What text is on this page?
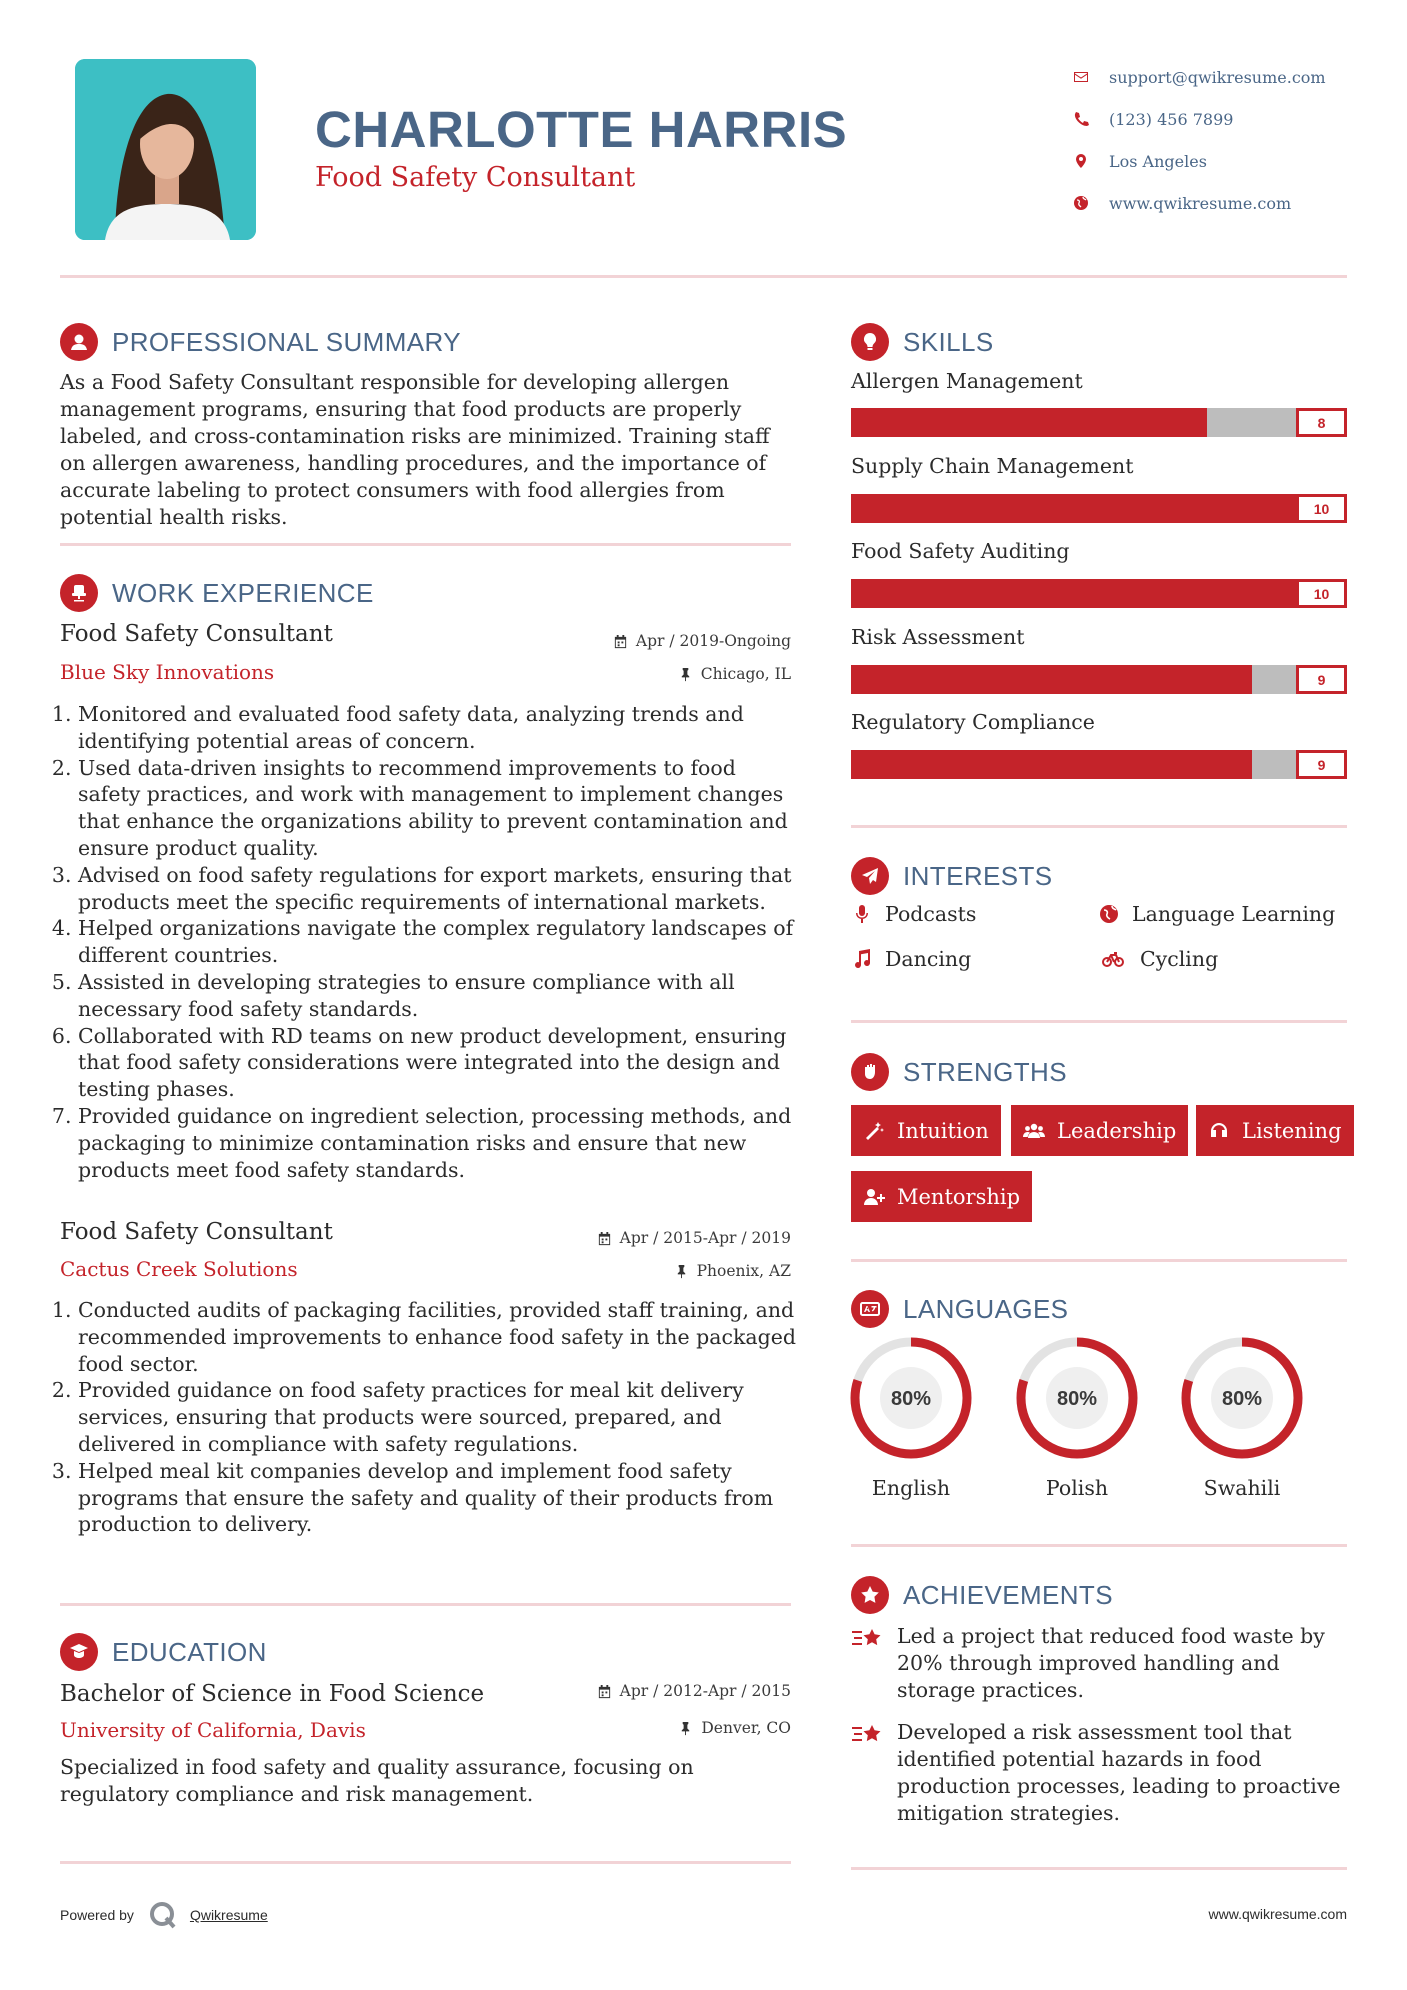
CHARLOTTE HARRIS
Food Safety Consultant
support@qwikresume.com
(123) 456 7899
Los Angeles
www.qwikresume.com
PROFESSIONAL SUMMARY
As a Food Safety Consultant responsible for developing allergen management programs, ensuring that food products are properly labeled, and cross-contamination risks are minimized. Training staff on allergen awareness, handling procedures, and the importance of accurate labeling to protect consumers with food allergies from potential health risks.
WORK EXPERIENCE
Food Safety Consultant	Apr / 2019-Ongoing
Blue Sky Innovations	Chicago, IL
1. Monitored and evaluated food safety data, analyzing trends and identifying potential areas of concern.
2. Used data-driven insights to recommend improvements to food safety practices, and work with management to implement changes that enhance the organizations ability to prevent contamination and ensure product quality.
3. Advised on food safety regulations for export markets, ensuring that products meet the specific requirements of international markets.
4. Helped organizations navigate the complex regulatory landscapes of different countries.
5. Assisted in developing strategies to ensure compliance with all necessary food safety standards.
6. Collaborated with RD teams on new product development, ensuring that food safety considerations were integrated into the design and testing phases.
7. Provided guidance on ingredient selection, processing methods, and packaging to minimize contamination risks and ensure that new products meet food safety standards.
Food Safety Consultant	Apr / 2015-Apr / 2019
Cactus Creek Solutions	Phoenix, AZ
1. Conducted audits of packaging facilities, provided staff training, and recommended improvements to enhance food safety in the packaged food sector.
2. Provided guidance on food safety practices for meal kit delivery services, ensuring that products were sourced, prepared, and delivered in compliance with safety regulations.
3. Helped meal kit companies develop and implement food safety programs that ensure the safety and quality of their products from production to delivery.
EDUCATION
Bachelor of Science in Food Science	Apr / 2012-Apr / 2015
University of California, Davis	Denver, CO
Specialized in food safety and quality assurance, focusing on regulatory compliance and risk management.
SKILLS
Allergen Management
8
Supply Chain Management
10
Food Safety Auditing
10
Risk Assessment
9
Regulatory Compliance
9
INTERESTS
Podcasts	Language Learning
Dancing	Cycling
STRENGTHS
Intuition	Leadership	Listening
Mentorship
LANGUAGES
80%
English
80%
Polish
80%
Swahili
ACHIEVEMENTS
Led a project that reduced food waste by 20% through improved handling and storage practices.
Developed a risk assessment tool that identified potential hazards in food production processes, leading to proactive mitigation strategies.
Powered by	Qwikresume	www.qwikresume.com
